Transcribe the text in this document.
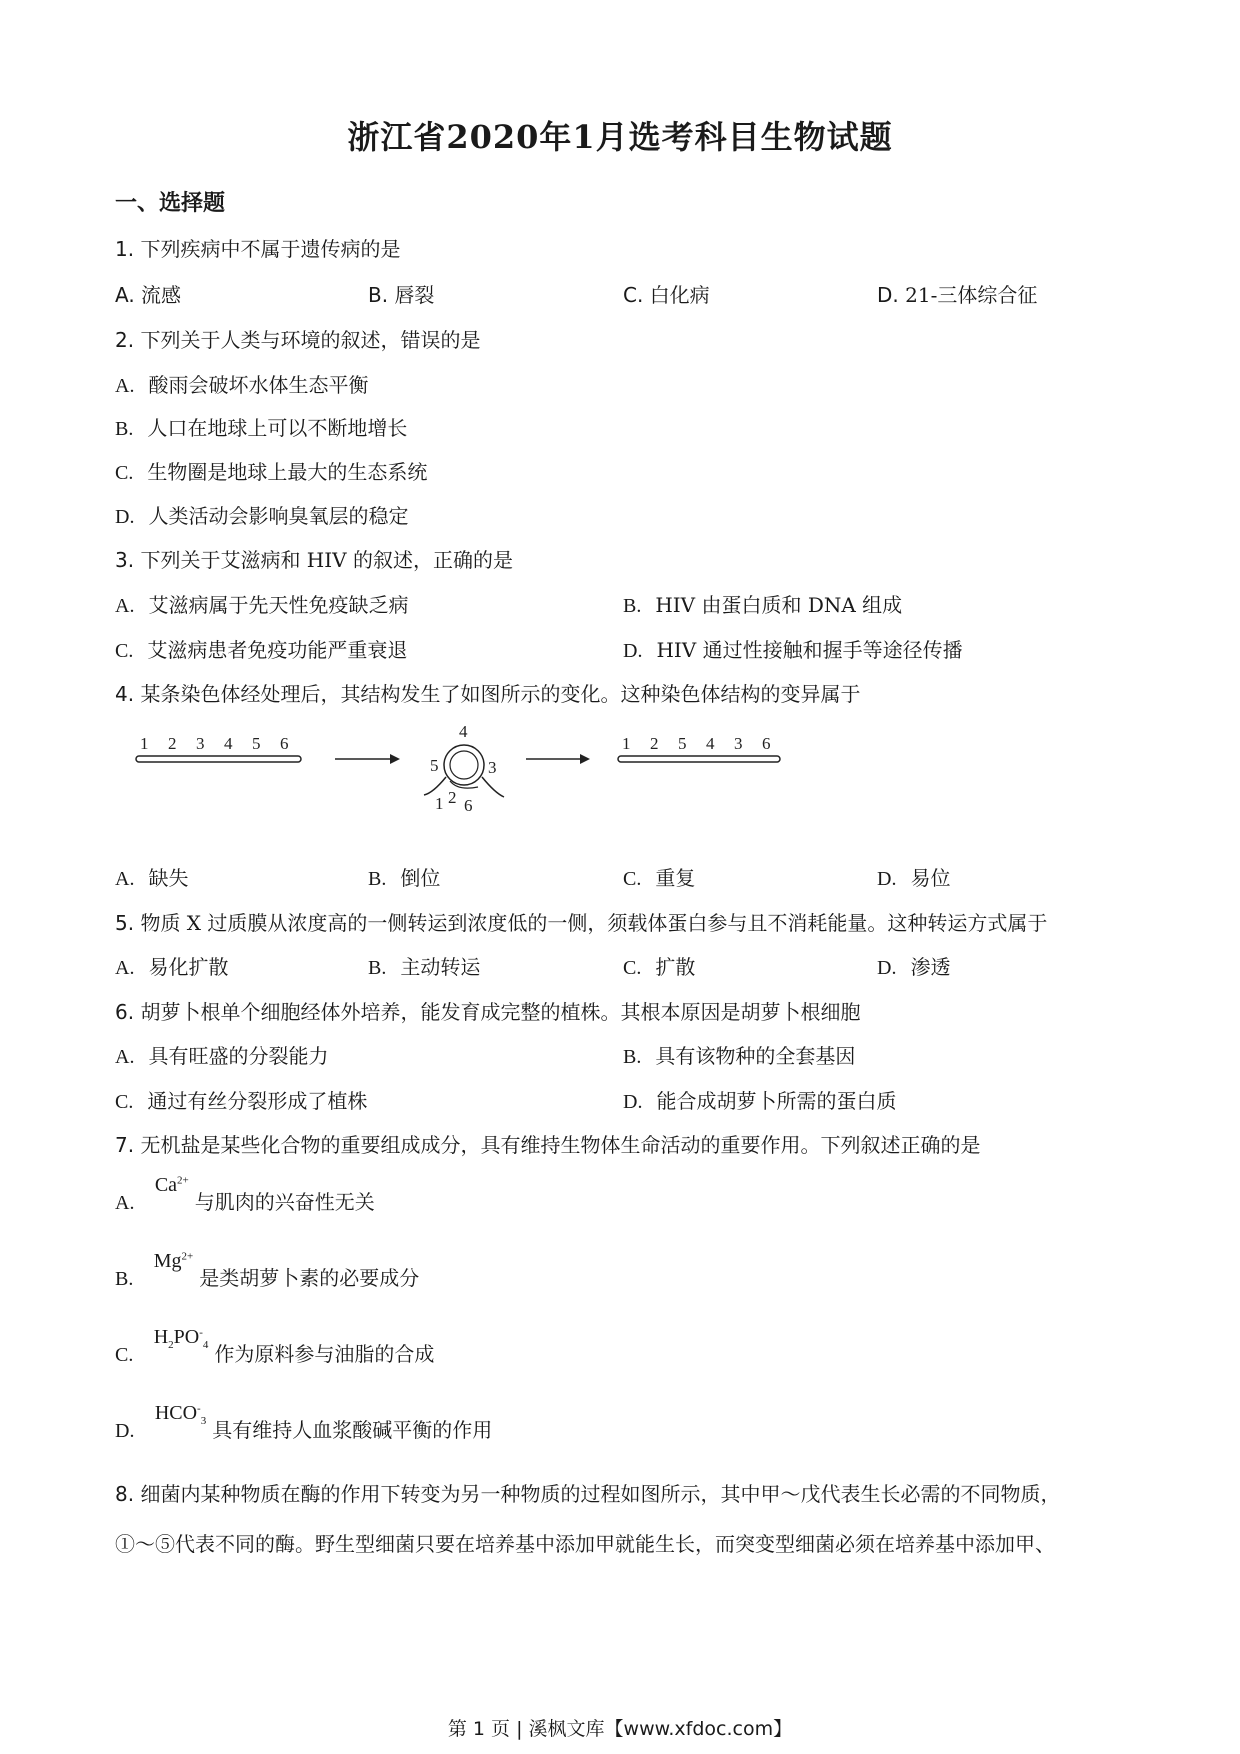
浙江省2020年1月选考科目生物试题
一、选择题
1. 下列疾病中不属于遗传病的是
A. 流感	B. 唇裂	C. 白化病	D. 21-三体综合征
2. 下列关于人类与环境的叙述，错误的是
A. 酸雨会破坏水体生态平衡
B. 人口在地球上可以不断地增长
C. 生物圈是地球上最大的生态系统
D. 人类活动会影响臭氧层的稳定
3. 下列关于艾滋病和 HIV 的叙述，正确的是
A. 艾滋病属于先天性免疫缺乏病	B. HIV 由蛋白质和 DNA 组成
C. 艾滋病患者免疫功能严重衰退	D. HIV 通过性接触和握手等途径传播
4. 某条染色体经处理后，其结构发生了如图所示的变化。这种染色体结构的变异属于
1 2 3 4 5 6
4
5	3
1 2 6
1 2 5 4 3 6
A. 缺失	B. 倒位	C. 重复	D. 易位
5. 物质 X 过质膜从浓度高的一侧转运到浓度低的一侧，须载体蛋白参与且不消耗能量。这种转运方式属于
A. 易化扩散	B. 主动转运	C. 扩散	D. 渗透
6. 胡萝卜根单个细胞经体外培养，能发育成完整的植株。其根本原因是胡萝卜根细胞
A. 具有旺盛的分裂能力	B. 具有该物种的全套基因
C. 通过有丝分裂形成了植株	D. 能合成胡萝卜所需的蛋白质
7. 无机盐是某些化合物的重要组成成分，具有维持生物体生命活动的重要作用。下列叙述正确的是
A. $Ca^{2+}$与肌肉的兴奋性无关
B. $Mg^{2+}$是类胡萝卜素的必要成分
C. $H_2PO^-_4$ 作为原料参与油脂的合成
D. $HCO^-_3$ 具有维持人血浆酸碱平衡的作用
8. 细菌内某种物质在酶的作用下转变为另一种物质的过程如图所示，其中甲～戊代表生长必需的不同物质，
①～⑤代表不同的酶。野生型细菌只要在培养基中添加甲就能生长，而突变型细菌必须在培养基中添加甲、
第 1 页 | 溪枫文库【www.xfdoc.com】
